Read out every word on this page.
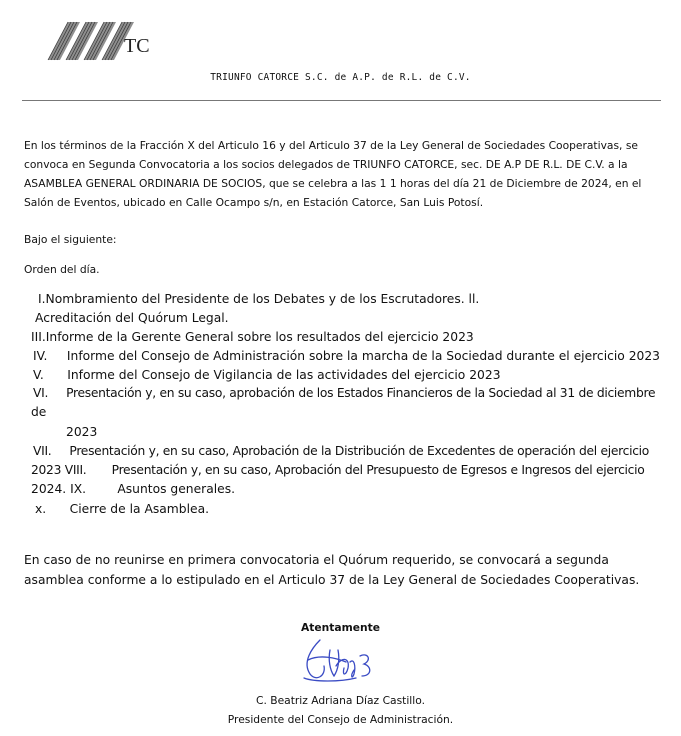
TC
TRIUNFO CATORCE S.C. de A.P. de R.L. de C.V.

En los términos de la Fracción X del Articulo 16 y del Articulo 37 de la Ley General de Sociedades Cooperativas, se convoca en Segunda Convocatoria a los socios delegados de TRIUNFO CATORCE, sec. DE A.P DE R.L. DE C.V. a la ASAMBLEA GENERAL ORDINARIA DE SOCIOS, que se celebra a las 1 1 horas del día 21 de Diciembre de 2024, en el Salón de Eventos, ubicado en Calle Ocampo s/n, en Estación Catorce, San Luis Potosí.

Bajo el siguiente:
Orden del día.
I.Nombramiento del Presidente de los Debates y de los Escrutadores. ll.
Acreditación del Quórum Legal.
III.Informe de la Gerente General sobre los resultados del ejercicio 2023
IV.     Informe del Consejo de Administración sobre la marcha de la Sociedad durante el ejercicio 2023
V.      Informe del Consejo de Vigilancia de las actividades del ejercicio 2023
VI.     Presentación y, en su caso, aprobación de los Estados Financieros de la Sociedad al 31 de diciembre
de
2023
VII.     Presentación y, en su caso, Aprobación de la Distribución de Excedentes de operación del ejercicio
2023 VIII.       Presentación y, en su caso, Aprobación del Presupuesto de Egresos e Ingresos del ejercicio
2024. IX.        Asuntos generales.
x.      Cierre de la Asamblea.

En caso de no reunirse en primera convocatoria el Quórum requerido, se convocará a segunda asamblea conforme a lo estipulado en el Articulo 37 de la Ley General de Sociedades Cooperativas.

Atentamente
C. Beatriz Adriana Díaz Castillo.
Presidente del Consejo de Administración.
